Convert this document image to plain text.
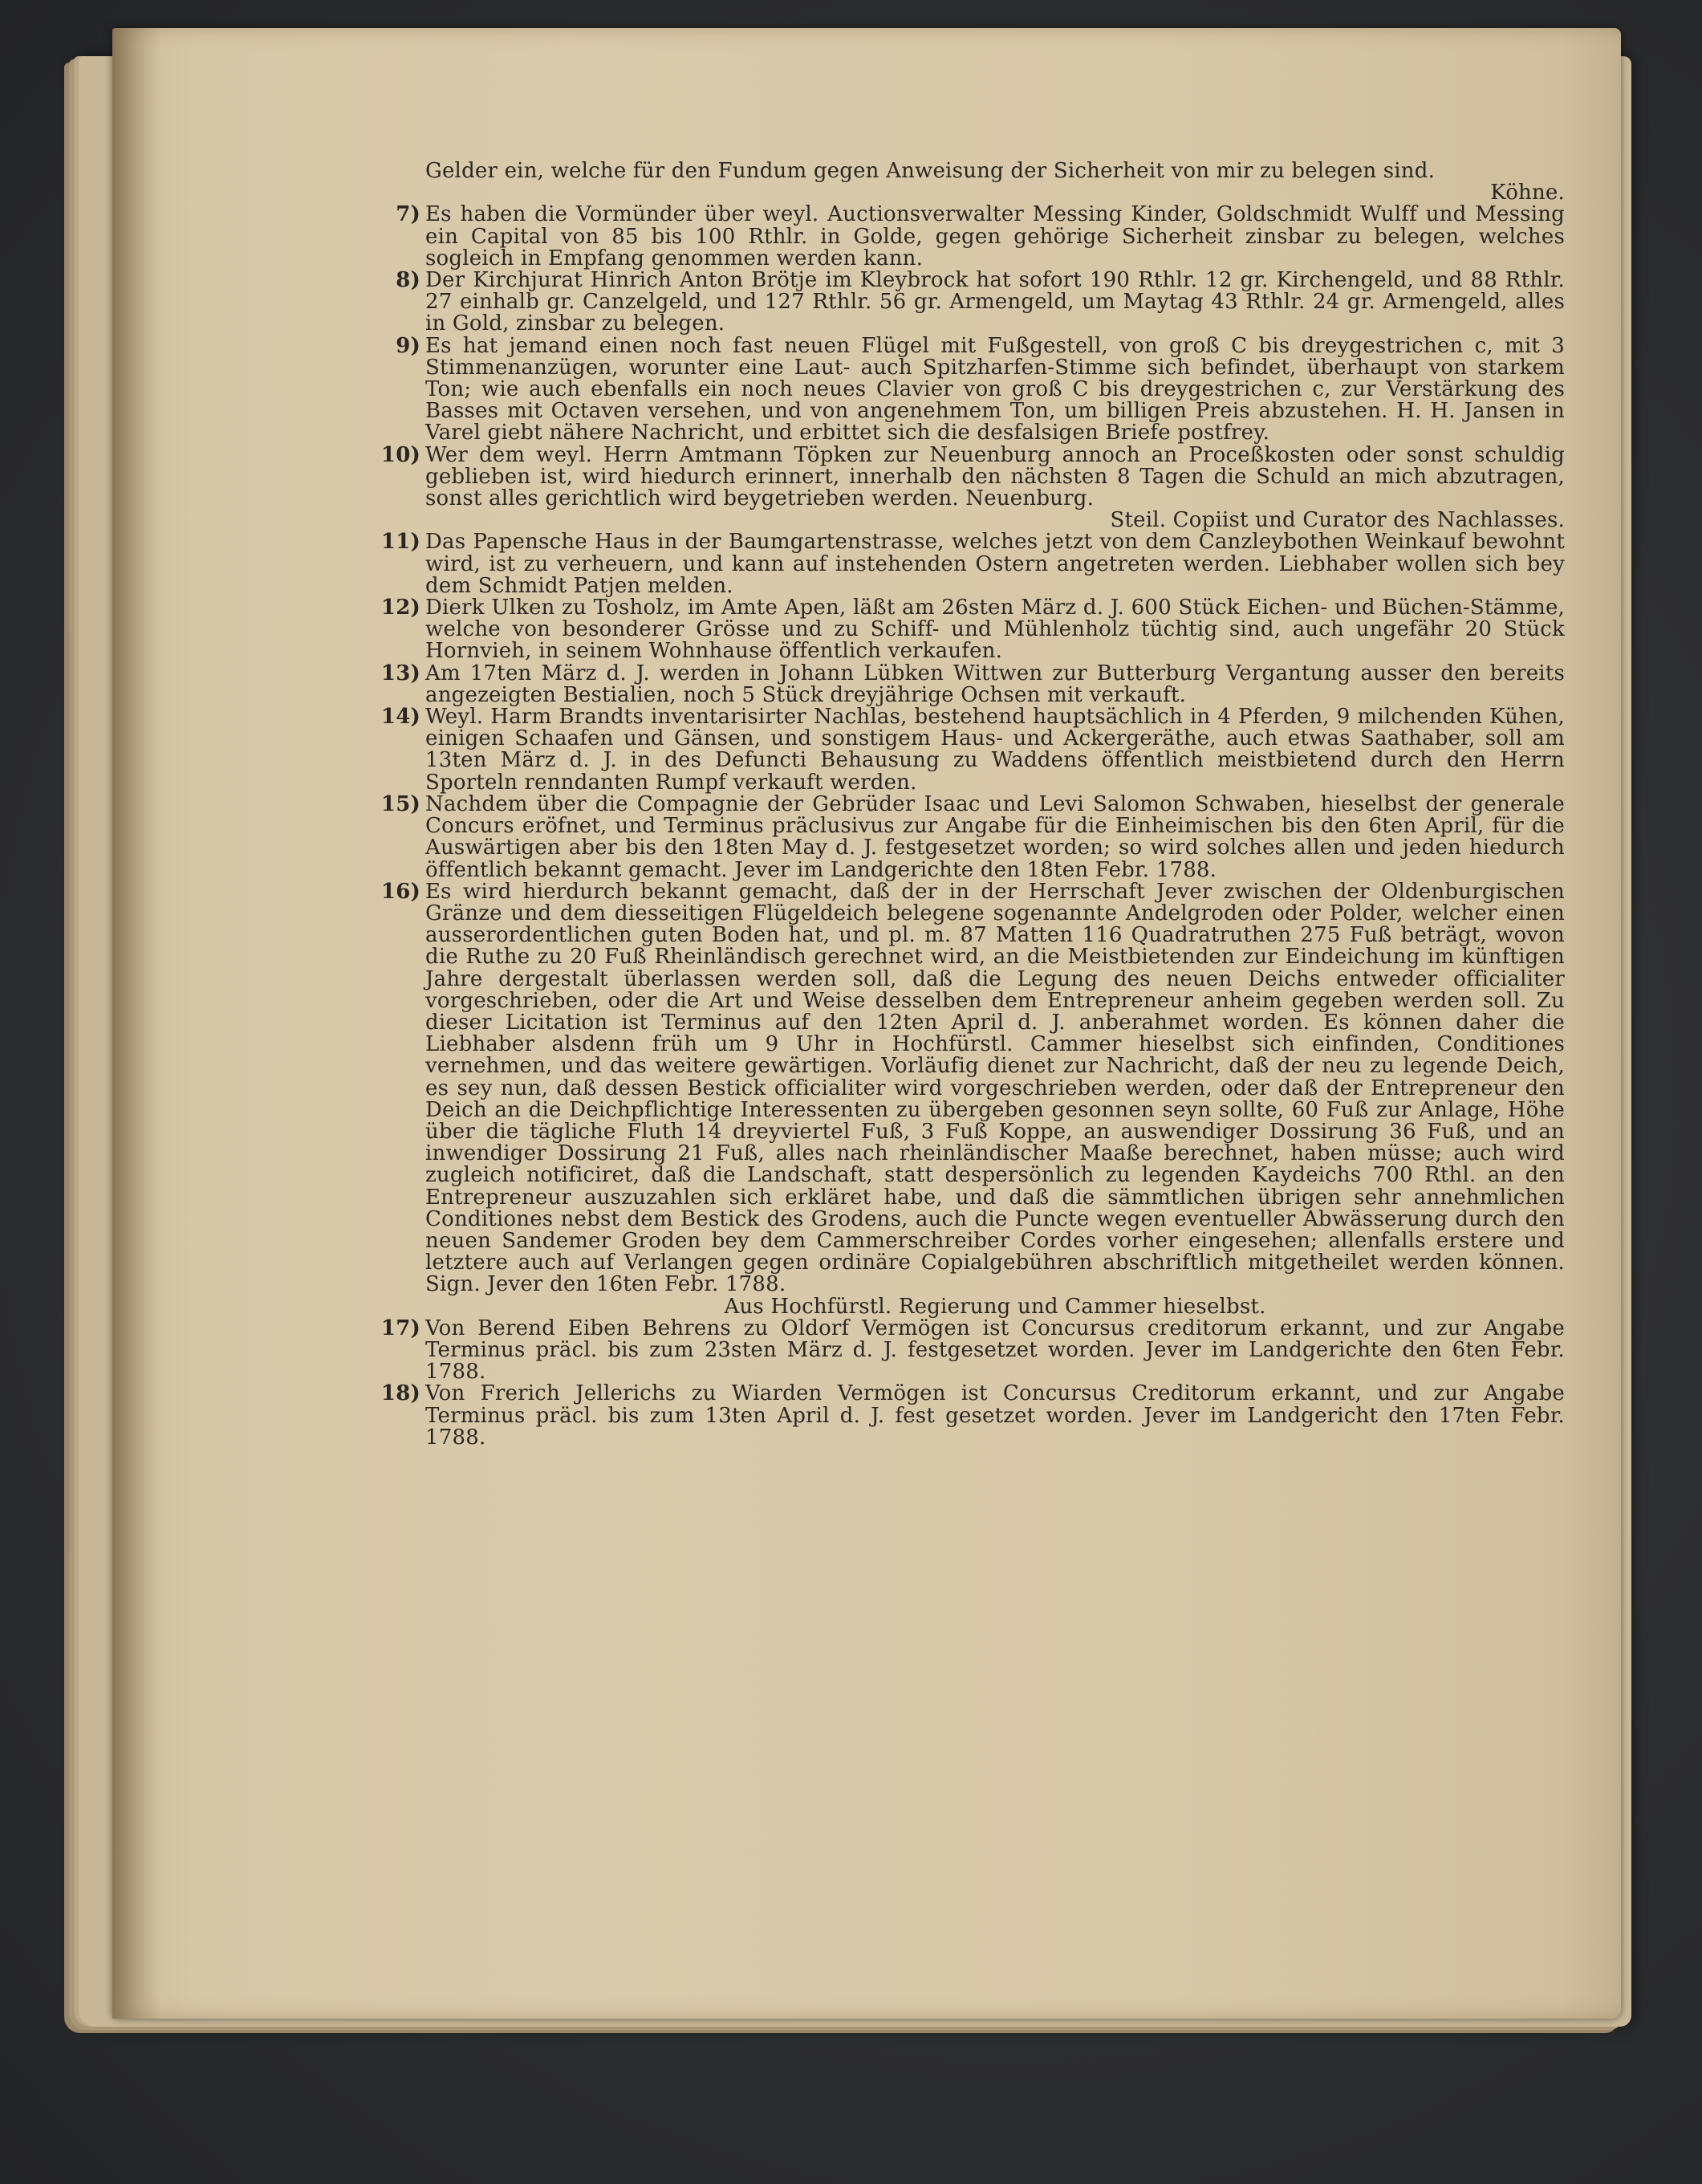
Gelder ein, welche für den Fundum gegen Anweisung der Sicherheit von mir zu belegen sind.

Köhne.

7) Es haben die Vormünder über weyl. Auctionsverwalter Messing Kinder, Goldschmidt Wulff und Messing ein Capital von 85 bis 100 Rthlr. in Golde, gegen gehörige Sicherheit zinsbar zu belegen, welches sogleich in Empfang genommen werden kann.
8) Der Kirchjurat Hinrich Anton Brötje im Kleybrock hat sofort 190 Rthlr. 12 gr. Kirchengeld, und 88 Rthlr. 27 einhalb gr. Canzelgeld, und 127 Rthlr. 56 gr. Armengeld, um Maytag 43 Rthlr. 24 gr. Armengeld, alles in Gold, zinsbar zu belegen.
9) Es hat jemand einen noch fast neuen Flügel mit Fußgestell, von groß C bis dreygestrichen c, mit 3 Stimmenanzügen, worunter eine Laut- auch Spitzharfen-Stimme sich befindet, überhaupt von starkem Ton; wie auch ebenfalls ein noch neues Clavier von groß C bis dreygestrichen c, zur Verstärkung des Basses mit Octaven versehen, und von angenehmem Ton, um billigen Preis abzustehen. H. H. Jansen in Varel giebt nähere Nachricht, und erbittet sich die desfalsigen Briefe postfrey.
10) Wer dem weyl. Herrn Amtmann Töpken zur Neuenburg annoch an Proceßkosten oder sonst schuldig geblieben ist, wird hiedurch erinnert, innerhalb den nächsten 8 Tagen die Schuld an mich abzutragen, sonst alles gerichtlich wird beygetrieben werden. Neuenburg.

Steil. Copiist und Curator des Nachlasses.

11) Das Papensche Haus in der Baumgartenstrasse, welches jetzt von dem Canzleybothen Weinkauf bewohnt wird, ist zu verheuern, und kann auf instehenden Ostern angetreten werden. Liebhaber wollen sich bey dem Schmidt Patjen melden.
12) Dierk Ulken zu Tosholz, im Amte Apen, läßt am 26sten März d. J. 600 Stück Eichen- und Büchen-Stämme, welche von besonderer Grösse und zu Schiff- und Mühlenholz tüchtig sind, auch ungefähr 20 Stück Hornvieh, in seinem Wohnhause öffentlich verkaufen.
13) Am 17ten März d. J. werden in Johann Lübken Wittwen zur Butterburg Vergantung ausser den bereits angezeigten Bestialien, noch 5 Stück dreyjährige Ochsen mit verkauft.
14) Weyl. Harm Brandts inventarisirter Nachlas, bestehend hauptsächlich in 4 Pferden, 9 milchenden Kühen, einigen Schaafen und Gänsen, und sonstigem Haus- und Ackergeräthe, auch etwas Saathaber, soll am 13ten März d. J. in des Defuncti Behausung zu Waddens öffentlich meistbietend durch den Herrn Sporteln renndanten Rumpf verkauft werden.
15) Nachdem über die Compagnie der Gebrüder Isaac und Levi Salomon Schwaben, hieselbst der generale Concurs eröfnet, und Terminus präclusivus zur Angabe für die Einheimischen bis den 6ten April, für die Auswärtigen aber bis den 18ten May d. J. festgesetzet worden; so wird solches allen und jeden hiedurch öffentlich bekannt gemacht. Jever im Landgerichte den 18ten Febr. 1788.
16) Es wird hierdurch bekannt gemacht, daß der in der Herrschaft Jever zwischen der Oldenburgischen Gränze und dem diesseitigen Flügeldeich belegene sogenannte Andelgroden oder Polder, welcher einen ausserordentlichen guten Boden hat, und pl. m. 87 Matten 116 Quadratruthen 275 Fuß beträgt, wovon die Ruthe zu 20 Fuß Rheinländisch gerechnet wird, an die Meistbietenden zur Eindeichung im künftigen Jahre dergestalt überlassen werden soll, daß die Legung des neuen Deichs entweder officialiter vorgeschrieben, oder die Art und Weise desselben dem Entrepreneur anheim gegeben werden soll. Zu dieser Licitation ist Terminus auf den 12ten April d. J. anberahmet worden. Es können daher die Liebhaber alsdenn früh um 9 Uhr in Hochfürstl. Cammer hieselbst sich einfinden, Conditiones vernehmen, und das weitere gewärtigen. Vorläufig dienet zur Nachricht, daß der neu zu legende Deich, es sey nun, daß dessen Bestick officialiter wird vorgeschrieben werden, oder daß der Entrepreneur den Deich an die Deichpflichtige Interessenten zu übergeben gesonnen seyn sollte, 60 Fuß zur Anlage, Höhe über die tägliche Fluth 14 dreyviertel Fuß, 3 Fuß Koppe, an auswendiger Dossirung 36 Fuß, und an inwendiger Dossirung 21 Fuß, alles nach rheinländischer Maaße berechnet, haben müsse; auch wird zugleich notificiret, daß die Landschaft, statt despersönlich zu legenden Kaydeichs 700 Rthl. an den Entrepreneur auszuzahlen sich erkläret habe, und daß die sämmtlichen übrigen sehr annehmlichen Conditiones nebst dem Bestick des Grodens, auch die Puncte wegen eventueller Abwässerung durch den neuen Sandemer Groden bey dem Cammerschreiber Cordes vorher eingesehen; allenfalls erstere und letztere auch auf Verlangen gegen ordinäre Copialgebühren abschriftlich mitgetheilet werden können. Sign. Jever den 16ten Febr. 1788.

Aus Hochfürstl. Regierung und Cammer hieselbst.

17) Von Berend Eiben Behrens zu Oldorf Vermögen ist Concursus creditorum erkannt, und zur Angabe Terminus präcl. bis zum 23sten März d. J. festgesetzet worden. Jever im Landgerichte den 6ten Febr. 1788.
18) Von Frerich Jellerichs zu Wiarden Vermögen ist Concursus Creditorum erkannt, und zur Angabe Terminus präcl. bis zum 13ten April d. J. fest gesetzet worden. Jever im Landgericht den 17ten Febr. 1788.
